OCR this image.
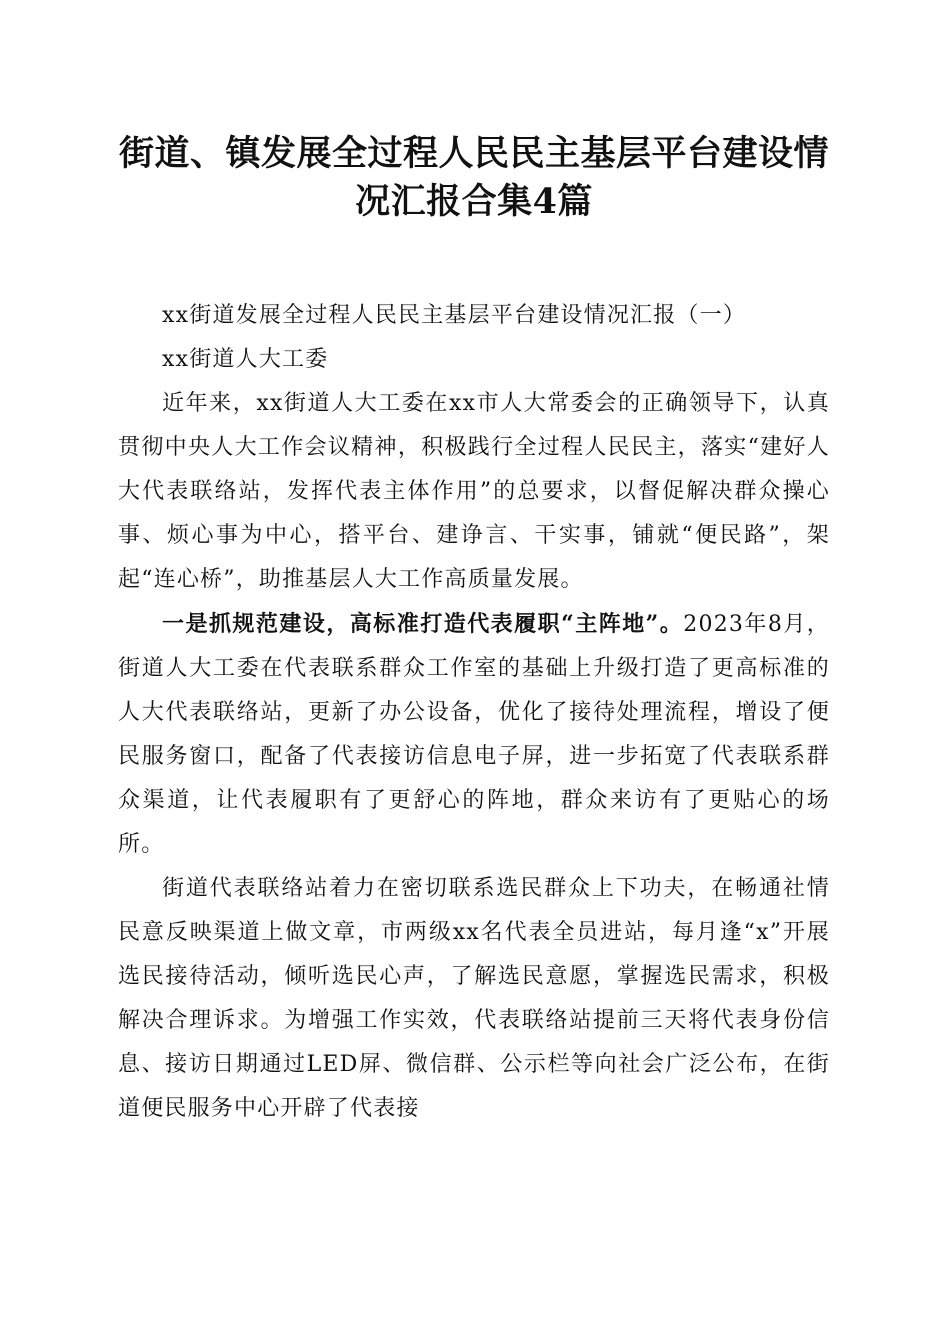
街道、镇发展全过程人民民主基层平台建设情
况汇报合集4篇

xx街道发展全过程人民民主基层平台建设情况汇报（一）

xx街道人大工委

近年来，xx街道人大工委在xx市人大常委会的正确领导下，认真贯彻中央人大工作会议精神，积极践行全过程人民民主，落实“建好人大代表联络站，发挥代表主体作用”的总要求，以督促解决群众操心事、烦心事为中心，搭平台、建诤言、干实事，铺就“便民路”，架起“连心桥”，助推基层人大工作高质量发展。

一是抓规范建设，高标准打造代表履职“主阵地”。2023年8月，街道人大工委在代表联系群众工作室的基础上升级打造了更高标准的人大代表联络站，更新了办公设备，优化了接待处理流程，增设了便民服务窗口，配备了代表接访信息电子屏，进一步拓宽了代表联系群众渠道，让代表履职有了更舒心的阵地，群众来访有了更贴心的场所。

街道代表联络站着力在密切联系选民群众上下功夫，在畅通社情民意反映渠道上做文章，市两级xx名代表全员进站，每月逢“x”开展选民接待活动，倾听选民心声，了解选民意愿，掌握选民需求，积极解决合理诉求。为增强工作实效，代表联络站提前三天将代表身份信息、接访日期通过LED屏、微信群、公示栏等向社会广泛公布，在街道便民服务中心开辟了代表接
